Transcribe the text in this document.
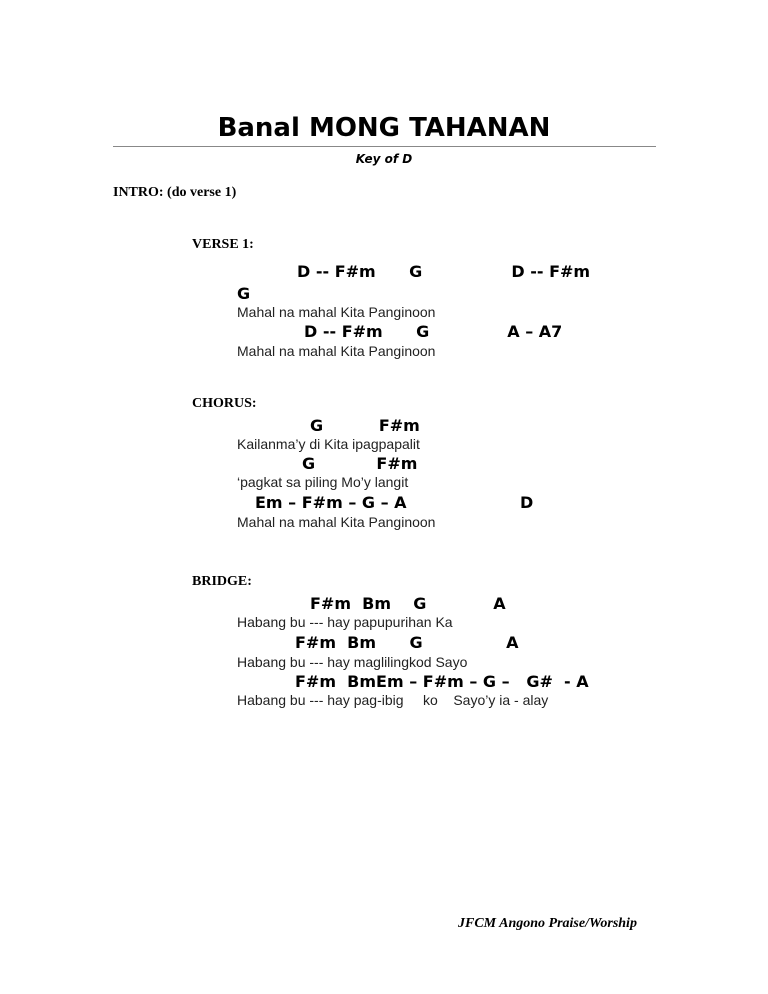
Banal MONG TAHANAN
Key of D
INTRO: (do verse 1)
VERSE 1:
D -- F#m      G                D -- F#m
G
Mahal na mahal Kita Panginoon
D -- F#m      G              A – A7
Mahal na mahal Kita Panginoon
CHORUS:
G          F#m
Kailanma’y di Kita ipagpapalit
G           F#m
‘pagkat sa piling Mo’y langit
Em – F#m – G – A	D
Mahal na mahal Kita Panginoon
BRIDGE:
F#m  Bm    G            A
Habang bu --- hay papupurihan Ka
F#m  Bm      G               A
Habang bu --- hay maglilingkod Sayo
F#m  BmEm – F#m – G –   G#  - A
Habang bu --- hay pag-ibig     ko    Sayo’y ia - alay
JFCM Angono Praise/Worship
